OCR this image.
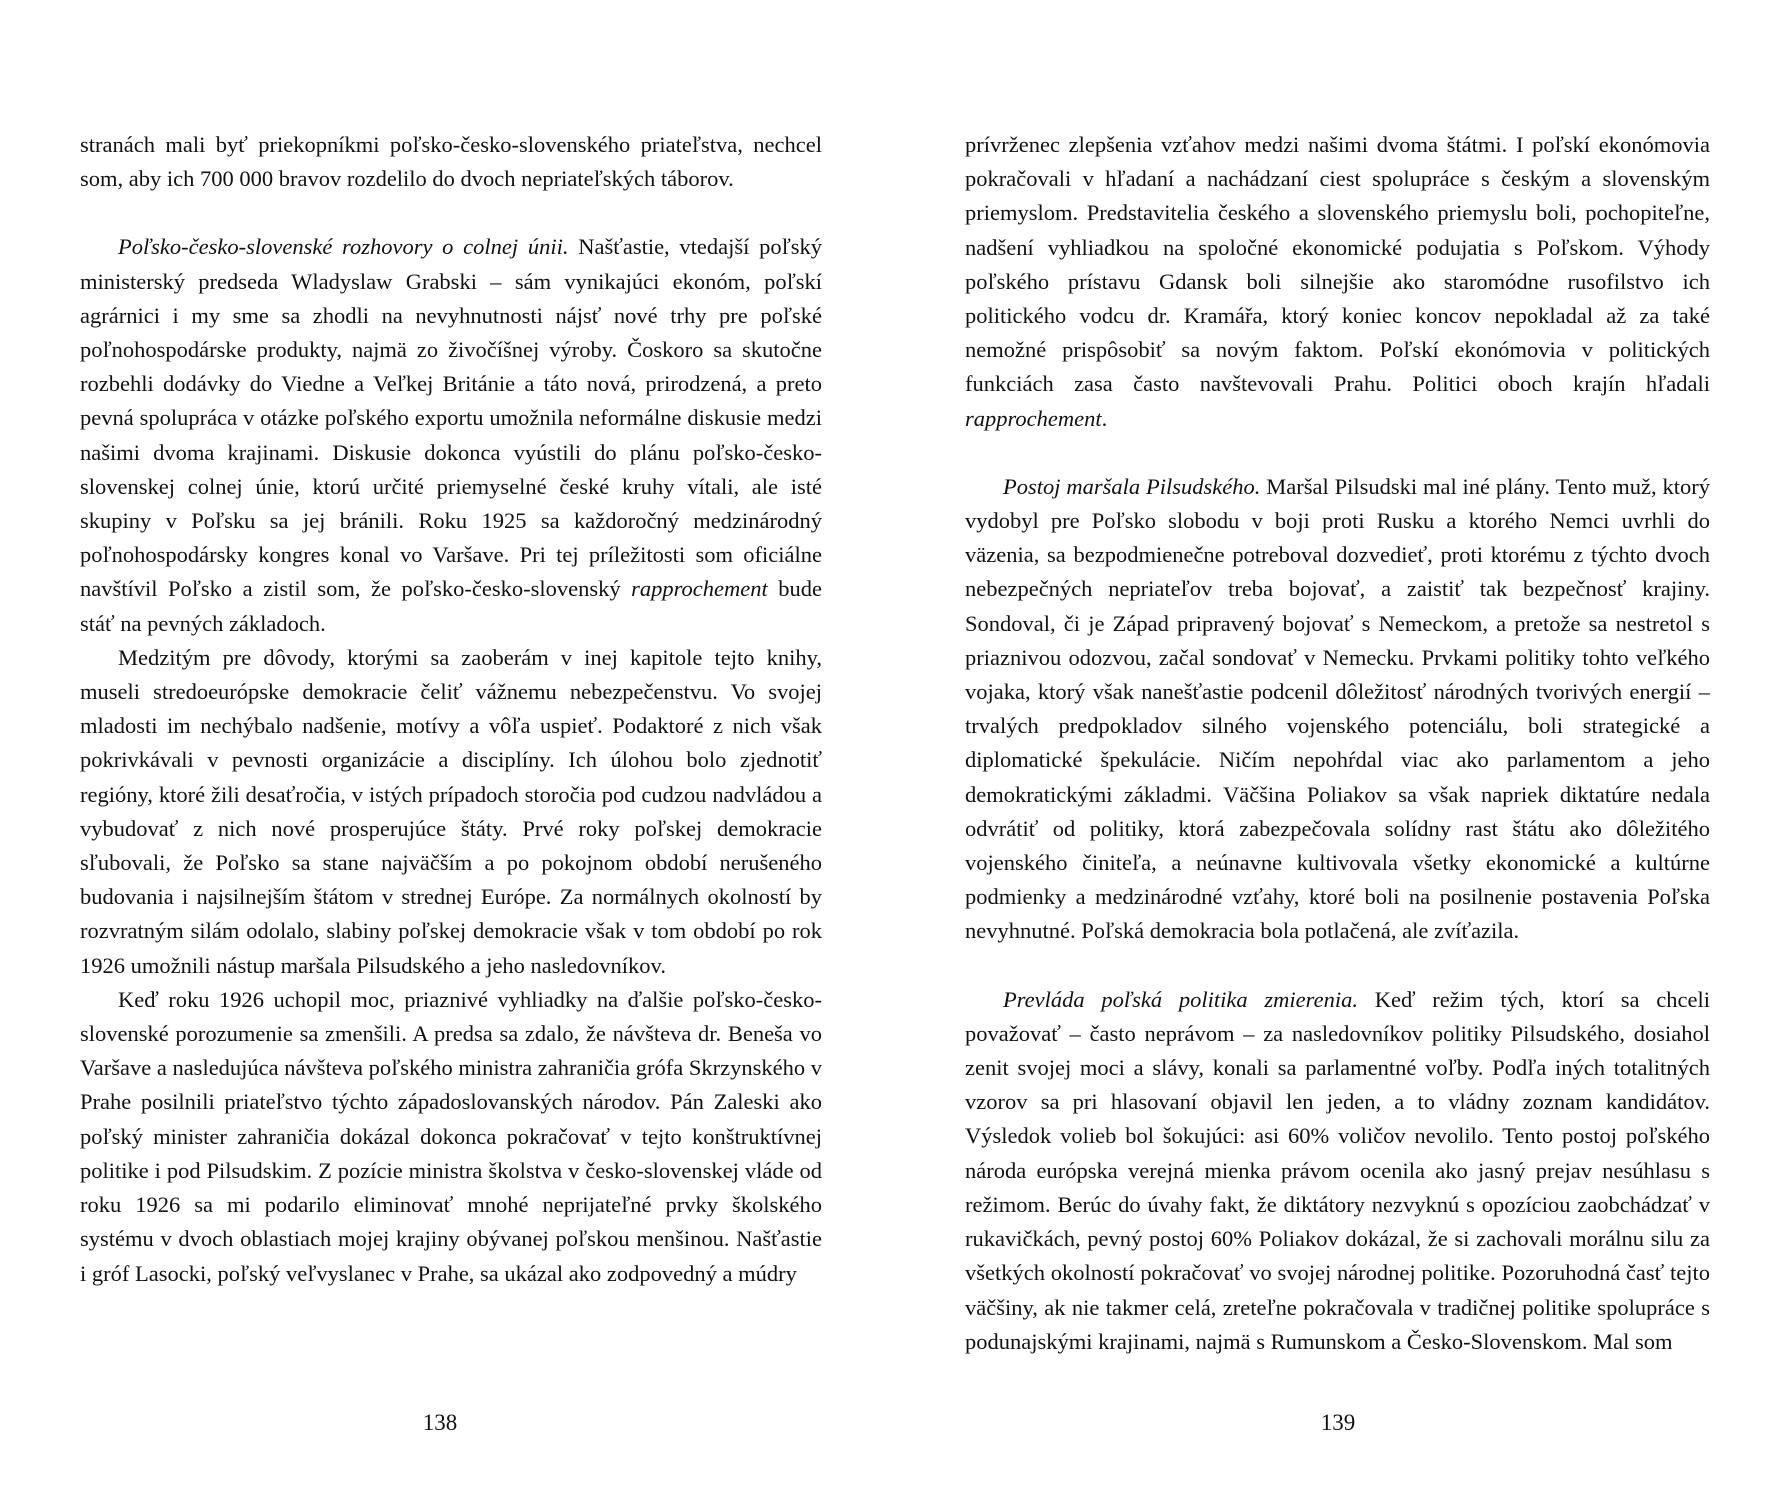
stranách mali byť priekopníkmi poľsko-česko-slovenského priateľstva, nechcel som, aby ich 700 000 bravov rozdelilo do dvoch nepriateľských táborov.

Poľsko-česko-slovenské rozhovory o colnej únii. Našťastie, vtedajší poľský ministerský predseda Wladyslaw Grabski – sám vynikajúci ekonóm, poľskí agrárnici i my sme sa zhodli na nevyhnutnosti nájsť nové trhy pre poľské poľnohospodárske produkty, najmä zo živočíšnej výroby. Čoskoro sa skutočne rozbehli dodávky do Viedne a Veľkej Británie a táto nová, prirodzená, a preto pevná spolupráca v otázke poľského exportu umožnila neformálne diskusie medzi našimi dvoma krajinami. Diskusie dokonca vyústili do plánu poľsko-česko-slovenskej colnej únie, ktorú určité priemyselné české kruhy vítali, ale isté skupiny v Poľsku sa jej bránili. Roku 1925 sa každoročný medzinárodný poľnohospodársky kongres konal vo Varšave. Pri tej príležitosti som oficiálne navštívil Poľsko a zistil som, že poľsko-česko-slovenský rapprochement bude stáť na pevných základoch.

Medzitým pre dôvody, ktorými sa zaoberám v inej kapitole tejto knihy, museli stredoeurópske demokracie čeliť vážnemu nebezpečenstvu. Vo svojej mladosti im nechýbalo nadšenie, motívy a vôľa uspieť. Podaktoré z nich však pokrivkávali v pevnosti organizácie a disciplíny. Ich úlohou bolo zjednotiť regióny, ktoré žili desaťročia, v istých prípadoch storočia pod cudzou nadvládou a vybudovať z nich nové prosperujúce štáty. Prvé roky poľskej demokracie sľubovali, že Poľsko sa stane najväčším a po pokojnom období nerušeného budovania i najsilnejším štátom v strednej Európe. Za normálnych okolností by rozvratným silám odolalo, slabiny poľskej demokracie však v tom období po rok 1926 umožnili nástup maršala Pilsudského a jeho nasledovníkov.

Keď roku 1926 uchopil moc, priaznivé vyhliadky na ďalšie poľsko-česko-slovenské porozumenie sa zmenšili. A predsa sa zdalo, že návšteva dr. Beneša vo Varšave a nasledujúca návšteva poľského ministra zahraničia grófa Skrzynského v Prahe posilnili priateľstvo týchto západoslovanských národov. Pán Zaleski ako poľský minister zahraničia dokázal dokonca pokračovať v tejto konštruktívnej politike i pod Pilsudskim. Z pozície ministra školstva v česko-slovenskej vláde od roku 1926 sa mi podarilo eliminovať mnohé neprijateľné prvky školského systému v dvoch oblastiach mojej krajiny obývanej poľskou menšinou. Našťastie i gróf Lasocki, poľský veľvyslanec v Prahe, sa ukázal ako zodpovedný a múdry

138

prívrženec zlepšenia vzťahov medzi našimi dvoma štátmi. I poľskí ekonómovia pokračovali v hľadaní a nachádzaní ciest spolupráce s českým a slovenským priemyslom. Predstavitelia českého a slovenského priemyslu boli, pochopiteľne, nadšení vyhliadkou na spoločné ekonomické podujatia s Poľskom. Výhody poľského prístavu Gdansk boli silnejšie ako staromódne rusofilstvo ich politického vodcu dr. Kramářa, ktorý koniec koncov nepokladal až za také nemožné prispôsobiť sa novým faktom. Poľskí ekonómovia v politických funkciách zasa často navštevovali Prahu. Politici oboch krajín hľadali rapprochement.

Postoj maršala Pilsudského. Maršal Pilsudski mal iné plány. Tento muž, ktorý vydobyl pre Poľsko slobodu v boji proti Rusku a ktorého Nemci uvrhli do väzenia, sa bezpodmienečne potreboval dozvedieť, proti ktorému z týchto dvoch nebezpečných nepriateľov treba bojovať, a zaistiť tak bezpečnosť krajiny. Sondoval, či je Západ pripravený bojovať s Nemeckom, a pretože sa nestretol s priaznivou odozvou, začal sondovať v Nemecku. Prvkami politiky tohto veľkého vojaka, ktorý však nanešťastie podcenil dôležitosť národných tvorivých energií – trvalých predpokladov silného vojenského potenciálu, boli strategické a diplomatické špekulácie. Ničím nepohŕdal viac ako parlamentom a jeho demokratickými základmi. Väčšina Poliakov sa však napriek diktatúre nedala odvrátiť od politiky, ktorá zabezpečovala solídny rast štátu ako dôležitého vojenského činiteľa, a neúnavne kultivovala všetky ekonomické a kultúrne podmienky a medzinárodné vzťahy, ktoré boli na posilnenie postavenia Poľska nevyhnutné. Poľská demokracia bola potlačená, ale zvíťazila.

Prevláda poľská politika zmierenia. Keď režim tých, ktorí sa chceli považovať – často neprávom – za nasledovníkov politiky Pilsudského, dosiahol zenit svojej moci a slávy, konali sa parlamentné voľby. Podľa iných totalitných vzorov sa pri hlasovaní objavil len jeden, a to vládny zoznam kandidátov. Výsledok volieb bol šokujúci: asi 60% voličov nevolilo. Tento postoj poľského národa európska verejná mienka právom ocenila ako jasný prejav nesúhlasu s režimom. Berúc do úvahy fakt, že diktátory nezvyknú s opozíciou zaobchádzať v rukavičkách, pevný postoj 60% Poliakov dokázal, že si zachovali morálnu silu za všetkých okolností pokračovať vo svojej národnej politike. Pozoruhodná časť tejto väčšiny, ak nie takmer celá, zreteľne pokračovala v tradičnej politike spolupráce s podunajskými krajinami, najmä s Rumunskom a Česko-Slovenskom. Mal som

139
